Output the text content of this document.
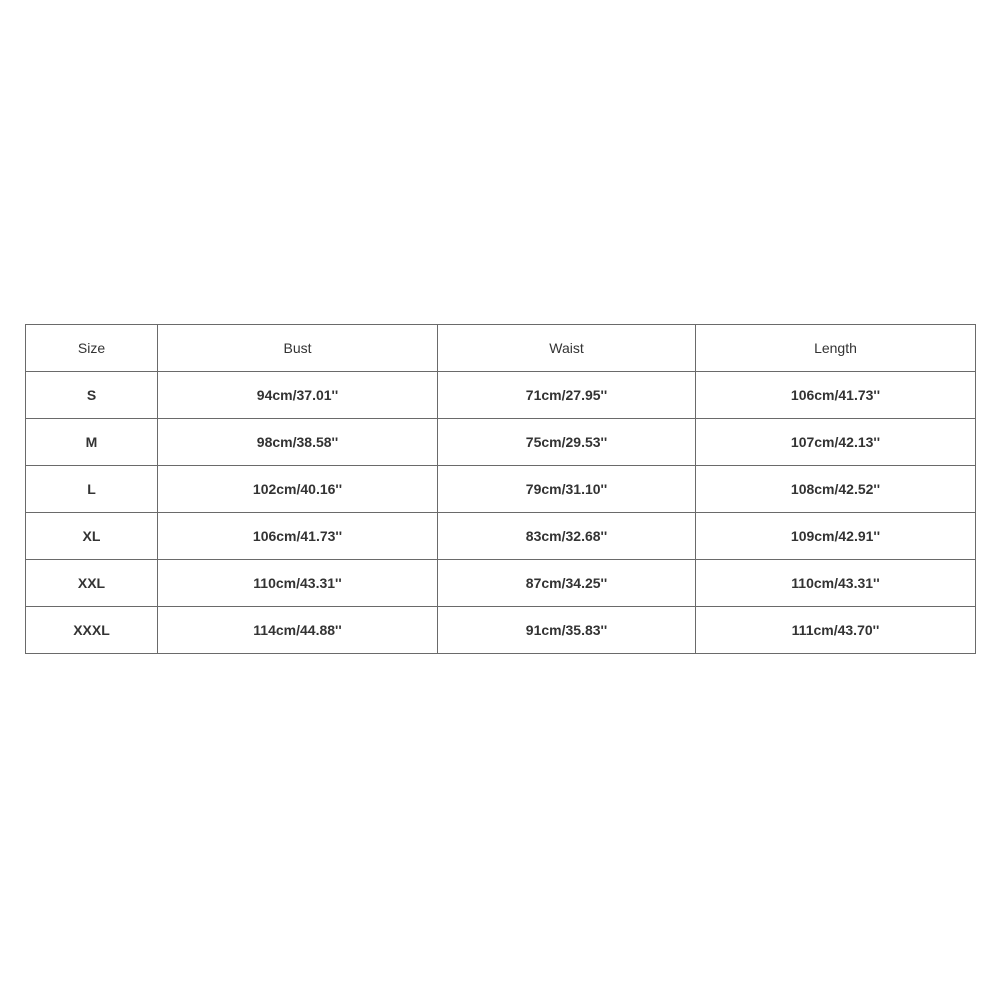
Size	Bust	Waist	Length
S	94cm/37.01''	71cm/27.95''	106cm/41.73''
M	98cm/38.58''	75cm/29.53''	107cm/42.13''
L	102cm/40.16''	79cm/31.10''	108cm/42.52''
XL	106cm/41.73''	83cm/32.68''	109cm/42.91''
XXL	110cm/43.31''	87cm/34.25''	110cm/43.31''
XXXL	114cm/44.88''	91cm/35.83''	111cm/43.70''
